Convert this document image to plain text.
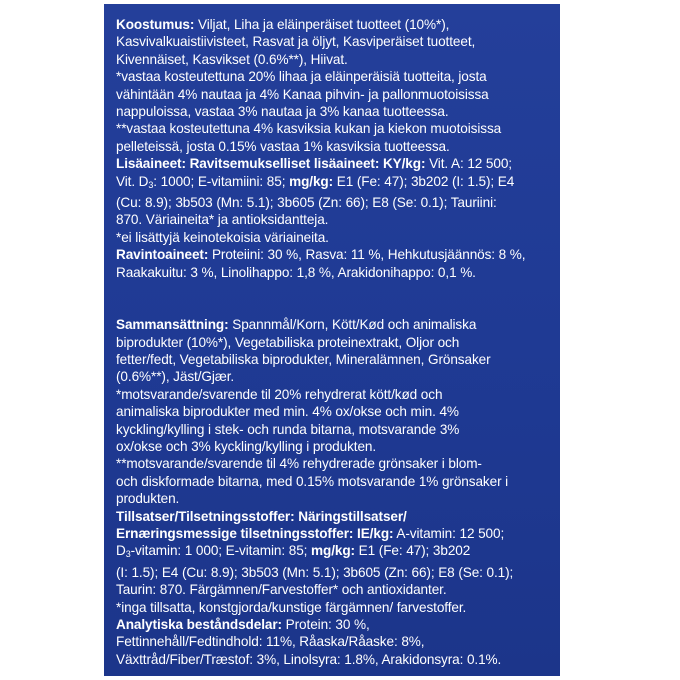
Koostumus: Viljat, Liha ja eläinperäiset tuotteet (10%*),
Kasvivalkuaistiivisteet, Rasvat ja öljyt, Kasviperäiset tuotteet,
Kivennäiset, Kasvikset (0.6%**), Hiivat.
*vastaa kosteutettuna 20% lihaa ja eläinperäisiä tuotteita, josta
vähintään 4% nautaa ja 4% Kanaa pihvin- ja pallonmuotoisissa
nappuloissa, vastaa 3% nautaa ja 3% kanaa tuotteessa.
**vastaa kosteutettuna 4% kasviksia kukan ja kiekon muotoisissa
pelleteissä, josta 0.15% vastaa 1% kasviksia tuotteessa.
Lisäaineet: Ravitsemukselliset lisäaineet: KY/kg: Vit. A: 12 500;
Vit. $D_3$: 1000; E-vitamiini: 85; mg/kg: E1 (Fe: 47); 3b202 (I: 1.5); E4
(Cu: 8.9); 3b503 (Mn: 5.1); 3b605 (Zn: 66); E8 (Se: 0.1); Tauriini:
870. Väriaineita* ja antioksidantteja.
*ei lisättyjä keinotekoisia väriaineita.
Ravintoaineet: Proteiini: 30 %, Rasva: 11 %, Hehkutusjäännös: 8 %,
Raakakuitu: 3 %, Linolihappo: 1,8 %, Arakidonihappo: 0,1 %.
Sammansättning: Spannmål/Korn, Kött/Kød och animaliska
biprodukter (10%*), Vegetabiliska proteinextrakt, Oljor och
fetter/fedt, Vegetabiliska biprodukter, Mineralämnen, Grönsaker
(0.6%**), Jäst/Gjær.
*motsvarande/svarende til 20% rehydrerat kött/kød och
animaliska biprodukter med min. 4% ox/okse och min. 4%
kyckling/kylling i stek- och runda bitarna, motsvarande 3%
ox/okse och 3% kyckling/kylling i produkten.
**motsvarande/svarende til 4% rehydrerade grönsaker i blom-
och diskformade bitarna, med 0.15% motsvarande 1% grönsaker i
produkten.
Tillsatser/Tilsetningsstoffer: Näringstillsatser/
Ernæringsmessige tilsetningsstoffer: IE/kg: A-vitamin: 12 500;
$D_3$-vitamin: 1 000; E-vitamin: 85; mg/kg: E1 (Fe: 47); 3b202
(I: 1.5); E4 (Cu: 8.9); 3b503 (Mn: 5.1); 3b605 (Zn: 66); E8 (Se: 0.1);
Taurin: 870. Färgämnen/Farvestoffer* och antioxidanter.
*inga tillsatta, konstgjorda/kunstige färgämnen/ farvestoffer.
Analytiska beståndsdelar: Protein: 30 %,
Fettinnehåll/Fedtindhold: 11%, Råaska/Råaske: 8%,
Växttråd/Fiber/Træstof: 3%, Linolsyra: 1.8%, Arakidonsyra: 0.1%.
